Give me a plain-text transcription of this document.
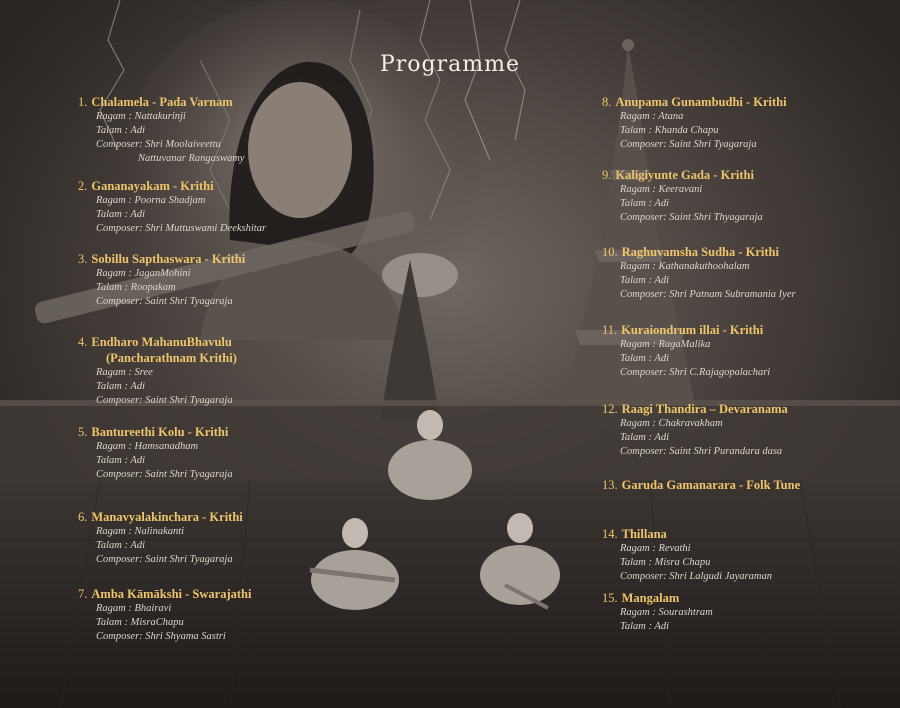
Programme
1. Chalamela - Pada Varnam
Ragam : Nattakurinji
Talam : Adi
Composer: Shri Moolaiveettu
Nattuvanar Rangaswamy
2. Gananayakam - Krithi
Ragam : Poorna Shadjam
Talam : Adi
Composer: Shri Muttuswami Deekshitar
3. Sobillu Sapthaswara - Krithi
Ragam : JaganMohini
Talam : Roopakam
Composer: Saint Shri Tyagaraja
4. Endharo MahanuBhavulu
(Pancharathnam Krithi)
Ragam : Sree
Talam : Adi
Composer: Saint Shri Tyagaraja
5. Bantureethi Kolu - Krithi
Ragam : Hamsanadham
Talam : Adi
Composer: Saint Shri Tyagaraja
6. Manavyalakinchara - Krithi
Ragam : Nalinakanti
Talam : Adi
Composer: Saint Shri Tyagaraja
7. Amba Kāmākshi - Swarajathi
Ragam : Bhairavi
Talam : MisraChapu
Composer: Shri Shyama Sastri
8. Anupama Gunambudhi - Krithi
Ragam : Atana
Talam : Khanda Chapu
Composer: Saint Shri Tyagaraja
9. Kaligiyunte Gada - Krithi
Ragam : Keeravani
Talam : Adi
Composer: Saint Shri Thyagaraja
10. Raghuvamsha Sudha - Krithi
Ragam : Kathanakuthoohalam
Talam : Adi
Composer: Shri Patnam Subramania Iyer
11. Kuraiondrum illai - Krithi
Ragam : RagaMalika
Talam : Adi
Composer: Shri C.Rajagopalachari
12. Raagi Thandira – Devaranama
Ragam : Chakravakham
Talam : Adi
Composer: Saint Shri Purandara dasa
13. Garuda Gamanarara - Folk Tune
14. Thillana
Ragam : Revathi
Talam : Misra Chapu
Composer: Shri Lalgudi Jayaraman
15. Mangalam
Ragam : Sourashtram
Talam : Adi
